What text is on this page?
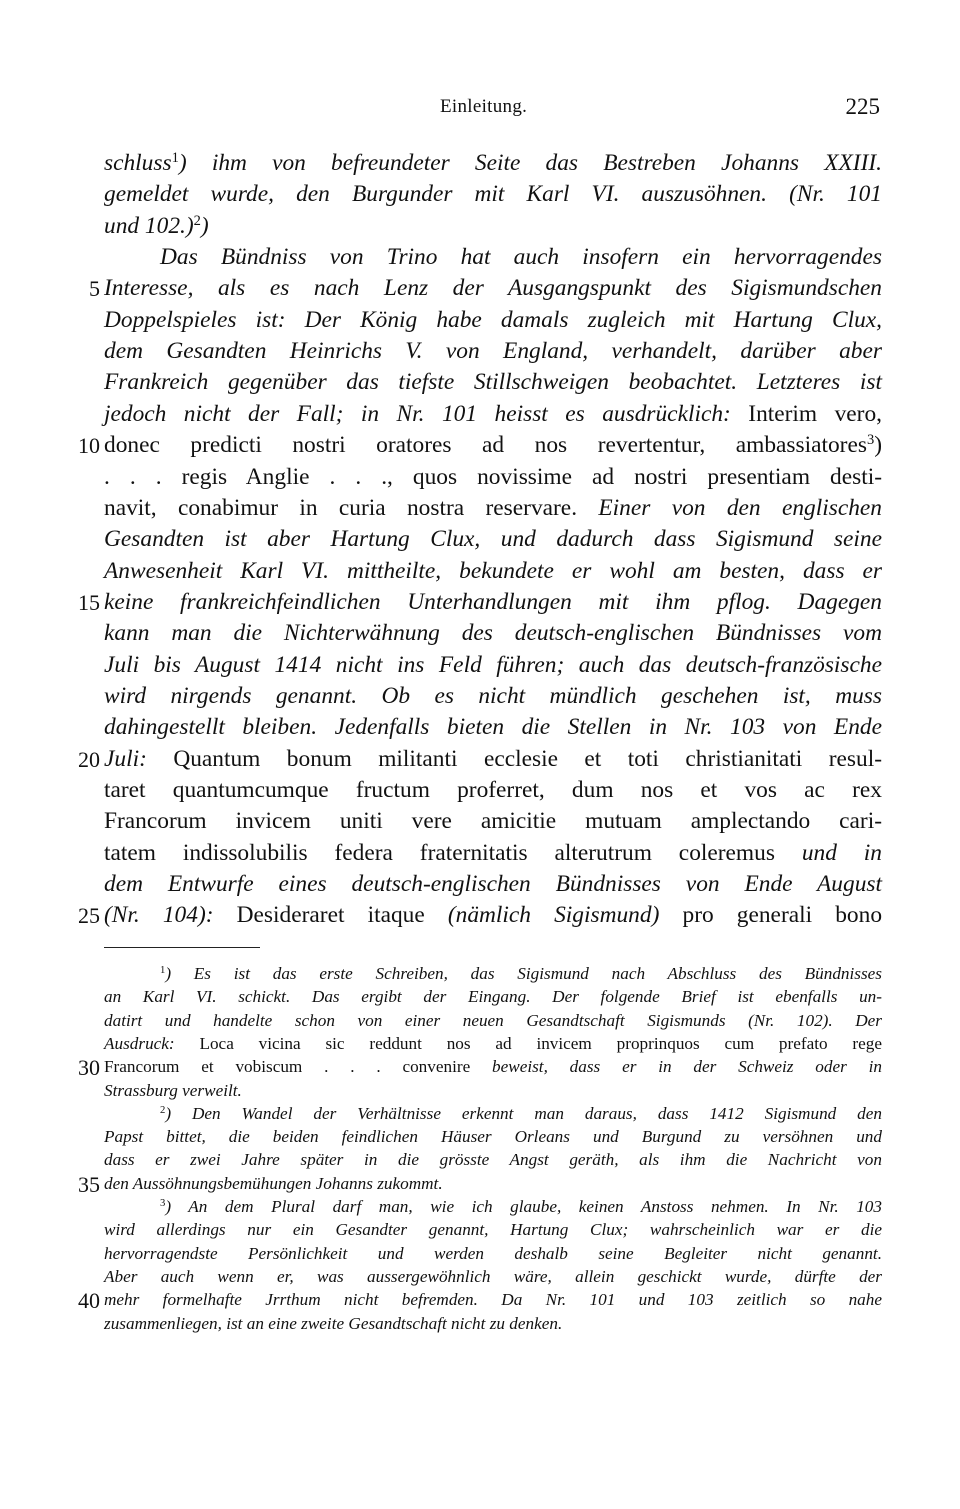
Einleitung.	225
schluss$^1$) ihm von befreundeter Seite das Bestreben Johanns XXIII.
gemeldet wurde, den Burgunder mit Karl VI. auszusöhnen. (Nr. 101
und 102.)$^2$)
Das Bündniss von Trino hat auch insofern ein hervorragendes
Interesse, als es nach Lenz der Ausgangspunkt des Sigismundschen
Doppelspieles ist: Der König habe damals zugleich mit Hartung Clux,
dem Gesandten Heinrichs V. von England, verhandelt, darüber aber
Frankreich gegenüber das tiefste Stillschweigen beobachtet. Letzteres ist
jedoch nicht der Fall; in Nr. 101 heisst es ausdrücklich: Interim vero,
donec predicti nostri oratores ad nos revertentur, ambassiatores$^3$)
. . . regis Anglie . . ., quos novissime ad nostri presentiam desti-
navit, conabimur in curia nostra reservare. Einer von den englischen
Gesandten ist aber Hartung Clux, und dadurch dass Sigismund seine
Anwesenheit Karl VI. mittheilte, bekundete er wohl am besten, dass er
keine frankreichfeindlichen Unterhandlungen mit ihm pflog. Dagegen
kann man die Nichterwähnung des deutsch-englischen Bündnisses vom
Juli bis August 1414 nicht ins Feld führen; auch das deutsch-französische
wird nirgends genannt. Ob es nicht mündlich geschehen ist, muss
dahingestellt bleiben. Jedenfalls bieten die Stellen in Nr. 103 von Ende
Juli: Quantum bonum militanti ecclesie et toti christianitati resul-
taret quantumcumque fructum proferret, dum nos et vos ac rex
Francorum invicem uniti vere amicitie mutuam amplectando cari-
tatem indissolubilis federa fraternitatis alterutrum coleremus und in
dem Entwurfe eines deutsch-englischen Bündnisses von Ende August
(Nr. 104): Desideraret itaque (nämlich Sigismund) pro generali bono
$^1$) Es ist das erste Schreiben, das Sigismund nach Abschluss des Bündnisses
an Karl VI. schickt. Das ergibt der Eingang. Der folgende Brief ist ebenfalls un-
datirt und handelte schon von einer neuen Gesandtschaft Sigismunds (Nr. 102). Der
Ausdruck: Loca vicina sic reddunt nos ad invicem proprinquos cum prefato rege
Francorum et vobiscum . . . convenire beweist, dass er in der Schweiz oder in
Strassburg verweilt.
$^2$) Den Wandel der Verhältnisse erkennt man daraus, dass 1412 Sigismund den
Papst bittet, die beiden feindlichen Häuser Orleans und Burgund zu versöhnen und
dass er zwei Jahre später in die grösste Angst geräth, als ihm die Nachricht von
den Aussöhnungsbemühungen Johanns zukommt.
$^3$) An dem Plural darf man, wie ich glaube, keinen Anstoss nehmen. In Nr. 103
wird allerdings nur ein Gesandter genannt, Hartung Clux; wahrscheinlich war er die
hervorragendste Persönlichkeit und werden deshalb seine Begleiter nicht genannt.
Aber auch wenn er, was aussergewöhnlich wäre, allein geschickt wurde, dürfte der
mehr formelhafte Jrrthum nicht befremden. Da Nr. 101 und 103 zeitlich so nahe
zusammenliegen, ist an eine zweite Gesandtschaft nicht zu denken.
5
10
15
20
25
30
35
40
